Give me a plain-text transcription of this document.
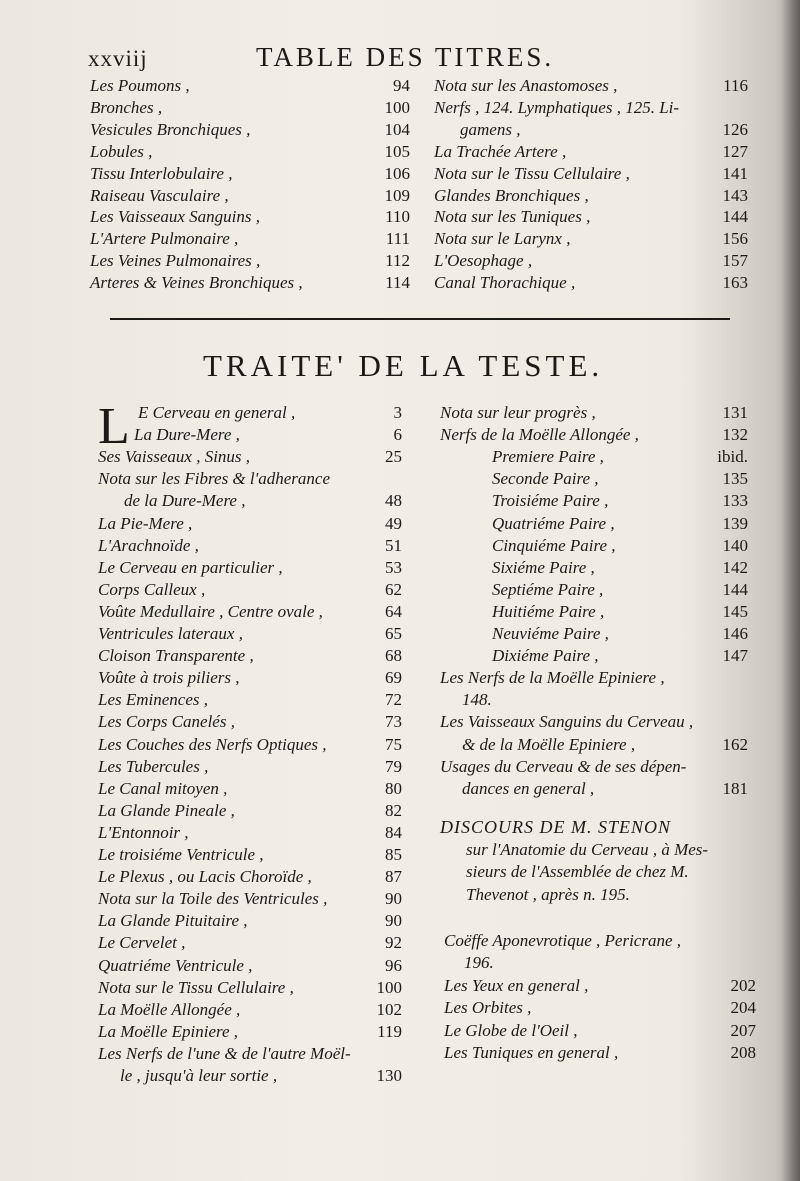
xxviij	TABLE DES TITRES.
Les Poumons ,	94
Bronches ,	100
Vesicules Bronchiques ,	104
Lobules ,	105
Tissu Interlobulaire ,	106
Raiseau Vasculaire ,	109
Les Vaisseaux Sanguins ,	110
L'Artere Pulmonaire ,	111
Les Veines Pulmonaires ,	112
Arteres & Veines Bronchiques ,	114
Nota sur les Anastomoses ,	116
Nerfs , 124. Lymphatiques , 125. Li-
gamens ,	126
La Trachée Artere ,	127
Nota sur le Tissu Cellulaire ,	141
Glandes Bronchiques ,	143
Nota sur les Tuniques ,	144
Nota sur le Larynx ,	156
L'Oesophage ,	157
Canal Thorachique ,	163
TRAITE' DE LA TESTE.
L E Cerveau en general ,	3
La Dure-Mere ,	6
Ses Vaisseaux , Sinus ,	25
Nota sur les Fibres & l'adherance
de la Dure-Mere ,	48
La Pie-Mere ,	49
L'Arachnoïde ,	51
Le Cerveau en particulier ,	53
Corps Calleux ,	62
Voûte Medullaire , Centre ovale ,	64
Ventricules lateraux ,	65
Cloison Transparente ,	68
Voûte à trois piliers ,	69
Les Eminences ,	72
Les Corps Canelés ,	73
Les Couches des Nerfs Optiques ,	75
Les Tubercules ,	79
Le Canal mitoyen ,	80
La Glande Pineale ,	82
L'Entonnoir ,	84
Le troisiéme Ventricule ,	85
Le Plexus , ou Lacis Choroïde ,	87
Nota sur la Toile des Ventricules ,	90
La Glande Pituitaire ,	90
Le Cervelet ,	92
Quatriéme Ventricule ,	96
Nota sur le Tissu Cellulaire ,	100
La Moëlle Allongée ,	102
La Moëlle Epiniere ,	119
Les Nerfs de l'une & de l'autre Moël-
le , jusqu'à leur sortie ,	130
Nota sur leur progrès ,	131
Nerfs de la Moëlle Allongée ,	132
Premiere Paire ,	ibid.
Seconde Paire ,	135
Troisiéme Paire ,	133
Quatriéme Paire ,	139
Cinquiéme Paire ,	140
Sixiéme Paire ,	142
Septiéme Paire ,	144
Huitiéme Paire ,	145
Neuviéme Paire ,	146
Dixiéme Paire ,	147
Les Nerfs de la Moëlle Epiniere ,
148.
Les Vaisseaux Sanguins du Cerveau ,
& de la Moëlle Epiniere ,	162
Usages du Cerveau & de ses dépen-
dances en general ,	181
DISCOURS DE M. STENON
sur l'Anatomie du Cerveau , à Mes-
sieurs de l'Assemblée de chez M.
Thevenot , après n. 195.
Coëffe Aponevrotique , Pericrane ,
196.
Les Yeux en general ,	202
Les Orbites ,	204
Le Globe de l'Oeil ,	207
Les Tuniques en general ,	208
